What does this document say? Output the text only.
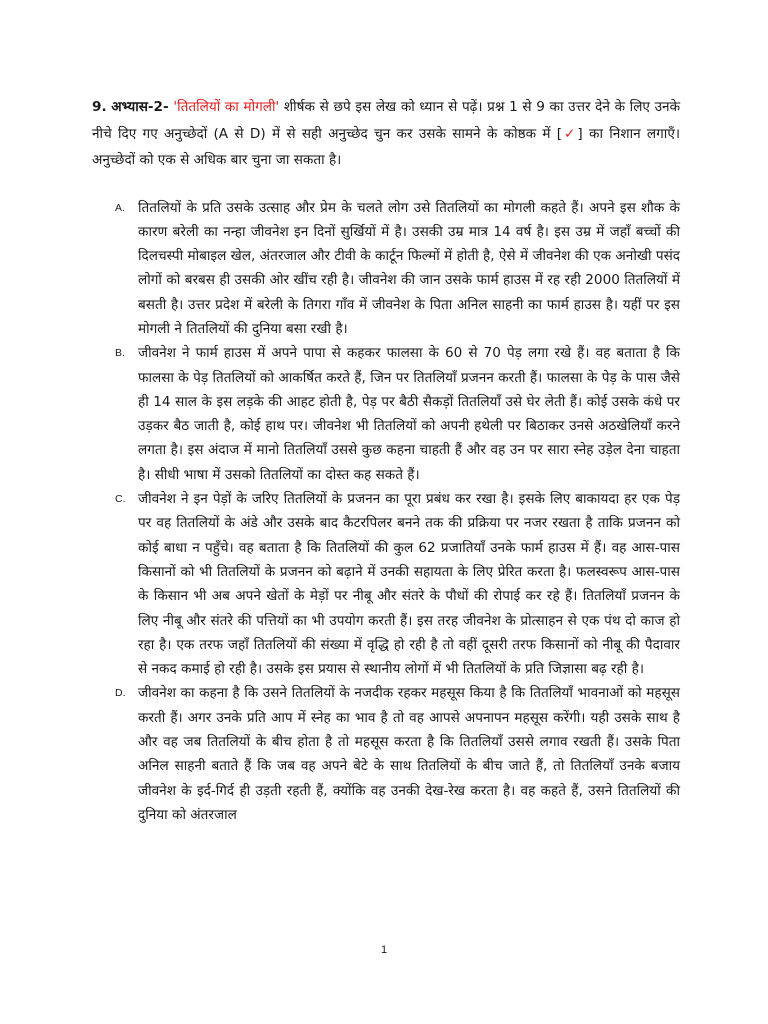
9. अभ्यास-2- 'तितलियों का मोगली' शीर्षक से छपे इस लेख को ध्यान से पढ़ें। प्रश्न 1 से 9 का उत्तर देने के लिए उनके नीचे दिए गए अनुच्छेदों (A से D) में से सही अनुच्छेद चुन कर उसके सामने के कोष्ठक में [✓] का निशान लगाएँ। अनुच्छेदों को एक से अधिक बार चुना जा सकता है।

A. तितलियों के प्रति उसके उत्साह और प्रेम के चलते लोग उसे तितलियों का मोगली कहते हैं। अपने इस शौक के कारण बरेली का नन्हा जीवनेश इन दिनों सुर्खियों में है। उसकी उम्र मात्र 14 वर्ष है। इस उम्र में जहाँ बच्चों की दिलचस्पी मोबाइल खेल, अंतरजाल और टीवी के कार्टून फिल्मों में होती है, ऐसे में जीवनेश की एक अनोखी पसंद लोगों को बरबस ही उसकी ओर खींच रही है। जीवनेश की जान उसके फार्म हाउस में रह रही 2000 तितलियों में बसती है। उत्तर प्रदेश में बरेली के तिगरा गाँव में जीवनेश के पिता अनिल साहनी का फार्म हाउस है। यहीं पर इस मोगली ने तितलियों की दुनिया बसा रखी है।
B. जीवनेश ने फार्म हाउस में अपने पापा से कहकर फालसा के 60 से 70 पेड़ लगा रखे हैं। वह बताता है कि फालसा के पेड़ तितलियों को आकर्षित करते हैं, जिन पर तितलियाँ प्रजनन करती हैं। फालसा के पेड़ के पास जैसे ही 14 साल के इस लड़के की आहट होती है, पेड़ पर बैठी सैकड़ों तितलियाँ उसे घेर लेती हैं। कोई उसके कंधे पर उड़कर बैठ जाती है, कोई हाथ पर। जीवनेश भी तितलियों को अपनी हथेली पर बिठाकर उनसे अठखेलियाँ करने लगता है। इस अंदाज में मानो तितलियाँ उससे कुछ कहना चाहती हैं और वह उन पर सारा स्नेह उड़ेल देना चाहता है। सीधी भाषा में उसको तितलियों का दोस्त कह सकते हैं।
C. जीवनेश ने इन पेड़ों के जरिए तितलियों के प्रजनन का पूरा प्रबंध कर रखा है। इसके लिए बाकायदा हर एक पेड़ पर वह तितलियों के अंडे और उसके बाद कैटरपिलर बनने तक की प्रक्रिया पर नजर रखता है ताकि प्रजनन को कोई बाधा न पहुँचे। वह बताता है कि तितलियों की कुल 62 प्रजातियाँ उनके फार्म हाउस में हैं। वह आस-पास किसानों को भी तितलियों के प्रजनन को बढ़ाने में उनकी सहायता के लिए प्रेरित करता है। फलस्वरूप आस-पास के किसान भी अब अपने खेतों के मेड़ों पर नीबू और संतरे के पौधों की रोपाई कर रहे हैं। तितलियाँ प्रजनन के लिए नीबू और संतरे की पत्तियों का भी उपयोग करती हैं। इस तरह जीवनेश के प्रोत्साहन से एक पंथ दो काज हो रहा है। एक तरफ जहाँ तितलियों की संख्या में वृद्धि हो रही है तो वहीं दूसरी तरफ किसानों को नीबू की पैदावार से नकद कमाई हो रही है। उसके इस प्रयास से स्थानीय लोगों में भी तितलियों के प्रति जिज्ञासा बढ़ रही है।
D. जीवनेश का कहना है कि उसने तितलियों के नजदीक रहकर महसूस किया है कि तितलियाँ भावनाओं को महसूस करती हैं। अगर उनके प्रति आप में स्नेह का भाव है तो वह आपसे अपनापन महसूस करेंगी। यही उसके साथ है और वह जब तितलियों के बीच होता है तो महसूस करता है कि तितलियाँ उससे लगाव रखती हैं। उसके पिता अनिल साहनी बताते हैं कि जब वह अपने बेटे के साथ तितलियों के बीच जाते हैं, तो तितलियाँ उनके बजाय जीवनेश के इर्द-गिर्द ही उड़ती रहती हैं, क्योंकि वह उनकी देख-रेख करता है। वह कहते हैं, उसने तितलियों की दुनिया को अंतरजाल
1
